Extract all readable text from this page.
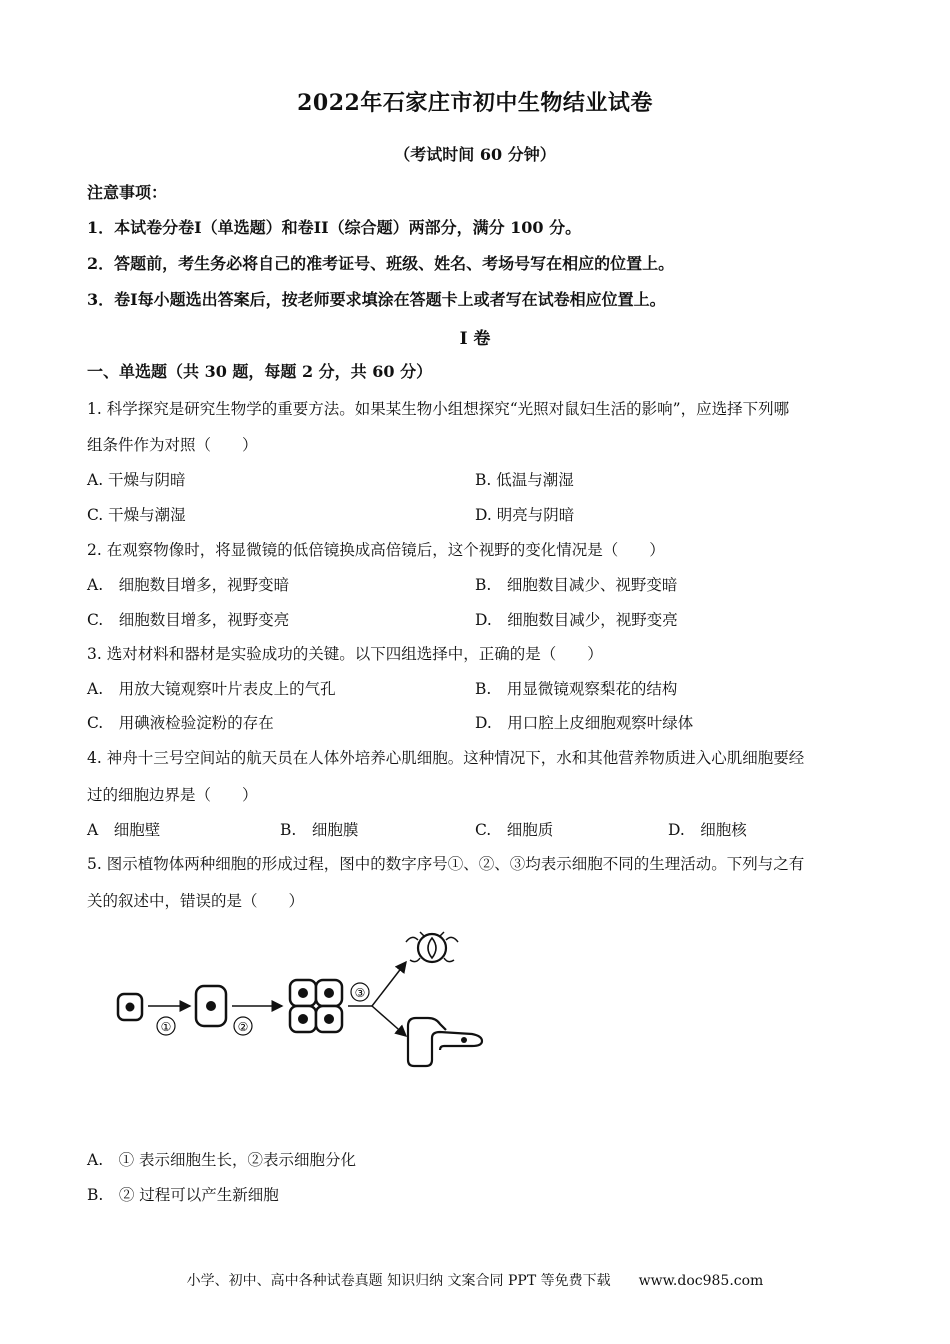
2022年石家庄市初中生物结业试卷
（考试时间 60 分钟）
注意事项：
1．本试卷分卷I（单选题）和卷II（综合题）两部分，满分 100 分。
2．答题前，考生务必将自己的准考证号、班级、姓名、考场号写在相应的位置上。
3．卷I每小题选出答案后，按老师要求填涂在答题卡上或者写在试卷相应位置上。
I 卷
一、单选题（共 30 题，每题 2 分，共 60 分）
1. 科学探究是研究生物学的重要方法。如果某生物小组想探究“光照对鼠妇生活的影响”，应选择下列哪
组条件作为对照（　　）
A. 干燥与阴暗	B. 低温与潮湿
C. 干燥与潮湿	D. 明亮与阴暗
2. 在观察物像时，将显微镜的低倍镜换成高倍镜后，这个视野的变化情况是（　　）
A.　细胞数目增多，视野变暗	B.　细胞数目减少、视野变暗
C.　细胞数目增多，视野变亮	D.　细胞数目减少，视野变亮
3. 选对材料和器材是实验成功的关键。以下四组选择中，正确的是（　　）
A.　用放大镜观察叶片表皮上的气孔	B.　用显微镜观察梨花的结构
C.　用碘液检验淀粉的存在	D.　用口腔上皮细胞观察叶绿体
4. 神舟十三号空间站的航天员在人体外培养心肌细胞。这种情况下，水和其他营养物质进入心肌细胞要经
过的细胞边界是（　　）
A　细胞壁	B.　细胞膜	C.　细胞质	D.　细胞核
5. 图示植物体两种细胞的形成过程，图中的数字序号①、②、③均表示细胞不同的生理活动。下列与之有
关的叙述中，错误的是（　　）
①	②
③
A.　① 表示细胞生长，②表示细胞分化
B.　② 过程可以产生新细胞
小学、初中、高中各种试卷真题 知识归纳 文案合同 PPT 等免费下载　　www.doc985.com
